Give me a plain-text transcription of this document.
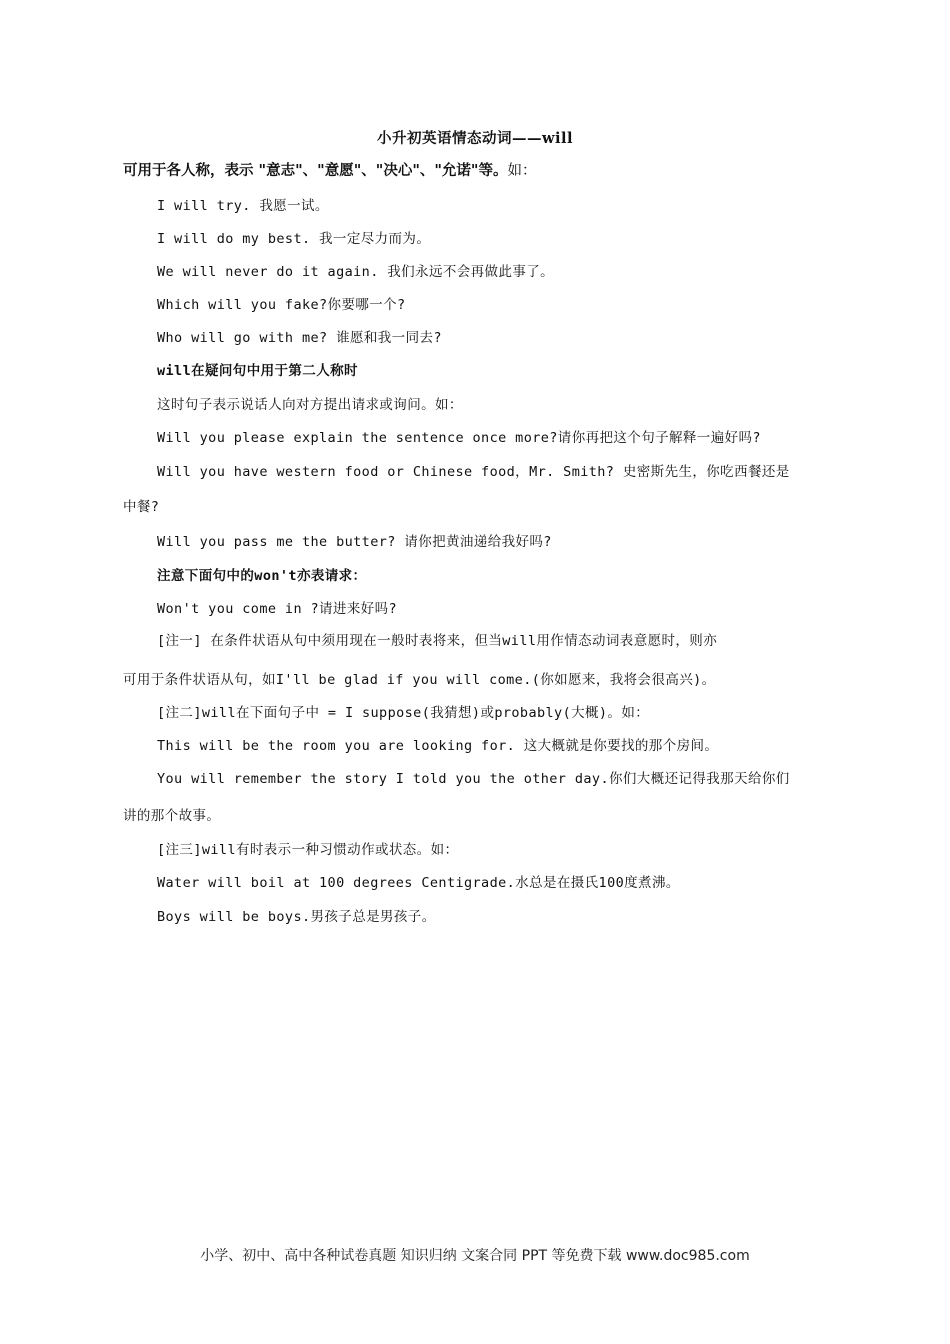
小升初英语情态动词——will
可用于各人称，表示 "意志"、"意愿"、"决心"、"允诺"等。如：
I will try. 我愿一试。
I will do my best. 我一定尽力而为。
We will never do it again. 我们永远不会再做此事了。
Which will you fake?你要哪一个?
Who will go with me? 谁愿和我一同去?
will在疑问句中用于第二人称时
这时句子表示说话人向对方提出请求或询问。如：
Will you please explain the sentence once more?请你再把这个句子解释一遍好吗?
Will you have western food or Chinese food，Mr. Smith? 史密斯先生，你吃西餐还是
中餐?
Will you pass me the butter? 请你把黄油递给我好吗?
注意下面句中的won't亦表请求：
Won't you come in ?请进来好吗?
[注一] 在条件状语从句中须用现在一般时表将来，但当will用作情态动词表意愿时，则亦
可用于条件状语从句，如I'll be glad if you will come.(你如愿来，我将会很高兴)。
[注二]will在下面句子中 = I suppose(我猜想)或probably(大概)。如：
This will be the room you are looking for. 这大概就是你要找的那个房间。
You will remember the story I told you the other day.你们大概还记得我那天给你们
讲的那个故事。
[注三]will有时表示一种习惯动作或状态。如：
Water will boil at 100 degrees Centigrade.水总是在摄氏100度煮沸。
Boys will be boys.男孩子总是男孩子。
小学、初中、高中各种试卷真题 知识归纳 文案合同 PPT 等免费下载 www.doc985.com
